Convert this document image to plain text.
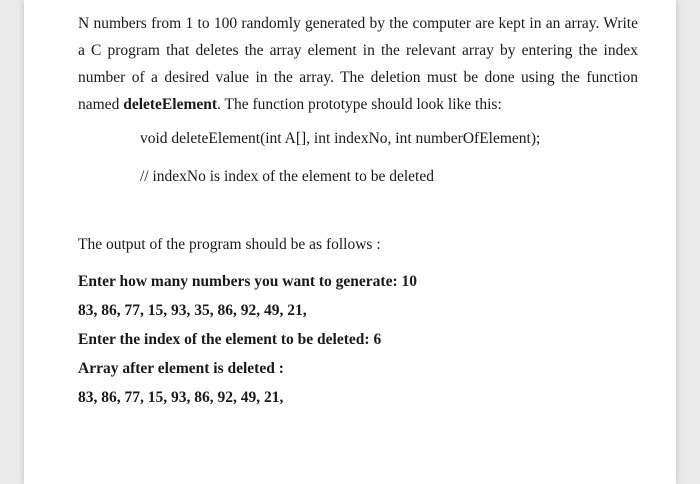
N numbers from 1 to 100 randomly generated by the computer are kept in an array. Write a C program that deletes the array element in the relevant array by entering the index number of a desired value in the array. The deletion must be done using the function named deleteElement. The function prototype should look like this:

void deleteElement(int A[], int indexNo, int numberOfElement);

// indexNo is index of the element to be deleted

The output of the program should be as follows :

Enter how many numbers you want to generate: 10

83, 86, 77, 15, 93, 35, 86, 92, 49, 21,

Enter the index of the element to be deleted: 6

Array after element is deleted :

83, 86, 77, 15, 93, 86, 92, 49, 21,
